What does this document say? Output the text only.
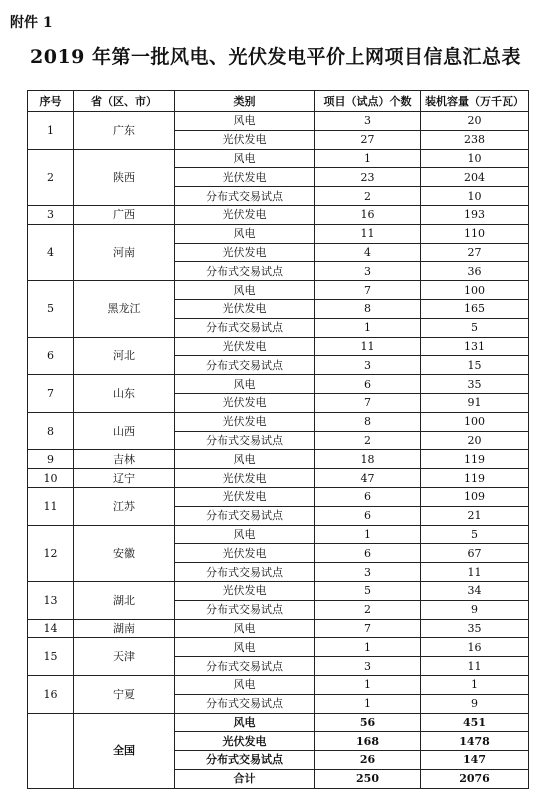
附件 1
2019 年第一批风电、光伏发电平价上网项目信息汇总表
序号	省（区、市）	类别	项目（试点）个数	装机容量（万千瓦）
1	广东	风电	3	20
		光伏发电	27	238
2	陕西	风电	1	10
		光伏发电	23	204
		分布式交易试点	2	10
3	广西	光伏发电	16	193
4	河南	风电	11	110
		光伏发电	4	27
		分布式交易试点	3	36
5	黑龙江	风电	7	100
		光伏发电	8	165
		分布式交易试点	1	5
6	河北	光伏发电	11	131
		分布式交易试点	3	15
7	山东	风电	6	35
		光伏发电	7	91
8	山西	光伏发电	8	100
		分布式交易试点	2	20
9	吉林	风电	18	119
10	辽宁	光伏发电	47	119
11	江苏	光伏发电	6	109
		分布式交易试点	6	21
12	安徽	风电	1	5
		光伏发电	6	67
		分布式交易试点	3	11
13	湖北	光伏发电	5	34
		分布式交易试点	2	9
14	湖南	风电	7	35
15	天津	风电	1	16
		分布式交易试点	3	11
16	宁夏	风电	1	1
		分布式交易试点	1	9
	全国	风电	56	451
		光伏发电	168	1478
		分布式交易试点	26	147
		合计	250	2076
